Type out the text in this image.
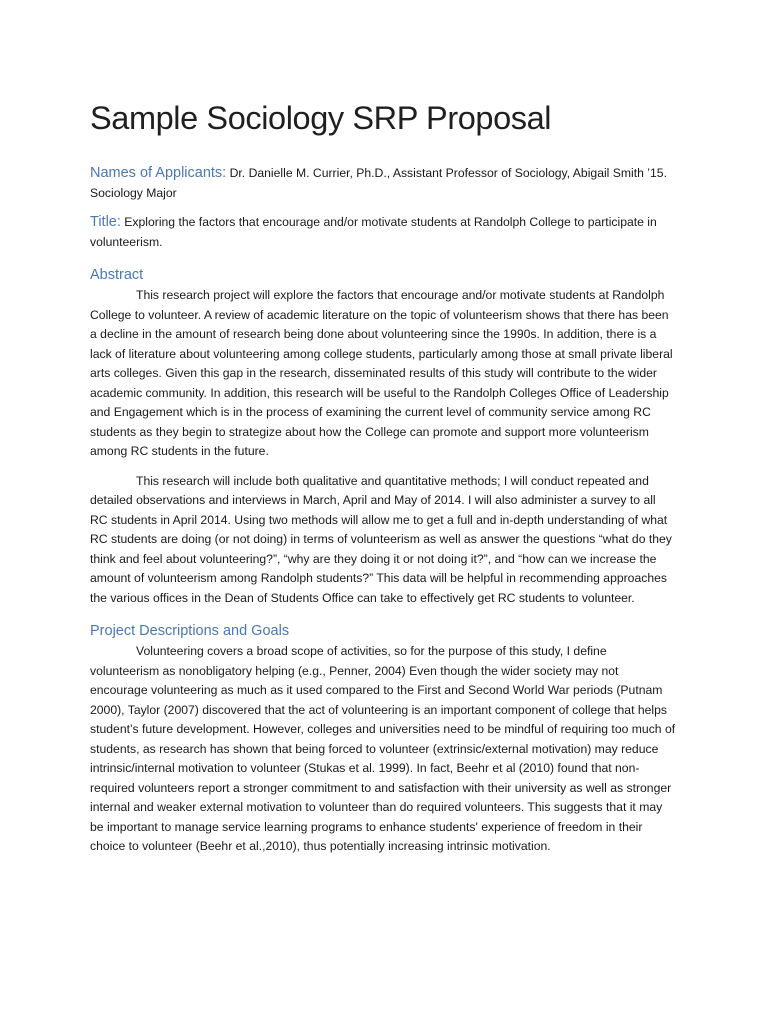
Sample Sociology SRP Proposal

Names of Applicants: Dr. Danielle M. Currier, Ph.D., Assistant Professor of Sociology, Abigail Smith ’15. Sociology Major

Title: Exploring the factors that encourage and/or motivate students at Randolph College to participate in volunteerism.

Abstract

This research project will explore the factors that encourage and/or motivate students at Randolph College to volunteer. A review of academic literature on the topic of volunteerism shows that there has been a decline in the amount of research being done about volunteering since the 1990s. In addition, there is a lack of literature about volunteering among college students, particularly among those at small private liberal arts colleges. Given this gap in the research, disseminated results of this study will contribute to the wider academic community. In addition, this research will be useful to the Randolph Colleges Office of Leadership and Engagement which is in the process of examining the current level of community service among RC students as they begin to strategize about how the College can promote and support more volunteerism among RC students in the future.

This research will include both qualitative and quantitative methods; I will conduct repeated and detailed observations and interviews in March, April and May of 2014. I will also administer a survey to all RC students in April 2014. Using two methods will allow me to get a full and in-depth understanding of what RC students are doing (or not doing) in terms of volunteerism as well as answer the questions “what do they think and feel about volunteering?”, “why are they doing it or not doing it?”, and “how can we increase the amount of volunteerism among Randolph students?” This data will be helpful in recommending approaches the various offices in the Dean of Students Office can take to effectively get RC students to volunteer.

Project Descriptions and Goals

Volunteering covers a broad scope of activities, so for the purpose of this study, I define volunteerism as nonobligatory helping (e.g., Penner, 2004) Even though the wider society may not encourage volunteering as much as it used compared to the First and Second World War periods (Putnam 2000), Taylor (2007) discovered that the act of volunteering is an important component of college that helps student’s future development. However, colleges and universities need to be mindful of requiring too much of students, as research has shown that being forced to volunteer (extrinsic/external motivation) may reduce intrinsic/internal motivation to volunteer (Stukas et al. 1999). In fact, Beehr et al (2010) found that non-required volunteers report a stronger commitment to and satisfaction with their university as well as stronger internal and weaker external motivation to volunteer than do required volunteers. This suggests that it may be important to manage service learning programs to enhance students' experience of freedom in their choice to volunteer (Beehr et al.,2010), thus potentially increasing intrinsic motivation.
